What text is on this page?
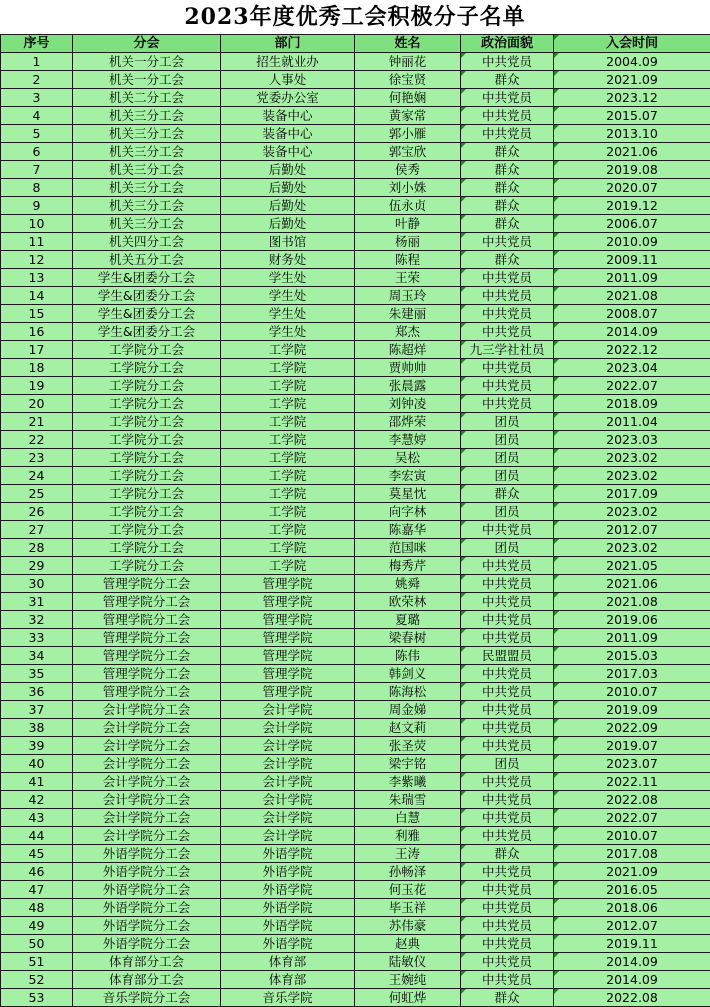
2023年度优秀工会积极分子名单
序号	分会	部门	姓名	政治面貌	入会时间
1	机关一分工会	招生就业办	钟丽花	中共党员	2004.09
2	机关一分工会	人事处	徐宝贤	群众	2021.09
3	机关二分工会	党委办公室	何艳娴	中共党员	2023.12
4	机关三分工会	装备中心	黄家常	中共党员	2015.07
5	机关三分工会	装备中心	郭小雁	中共党员	2013.10
6	机关三分工会	装备中心	郭宝欣	群众	2021.06
7	机关三分工会	后勤处	侯秀	群众	2019.08
8	机关三分工会	后勤处	刘小姝	群众	2020.07
9	机关三分工会	后勤处	伍永贞	群众	2019.12
10	机关三分工会	后勤处	叶静	群众	2006.07
11	机关四分工会	图书馆	杨丽	中共党员	2010.09
12	机关五分工会	财务处	陈程	群众	2009.11
13	学生&团委分工会	学生处	王荣	中共党员	2011.09
14	学生&团委分工会	学生处	周玉玲	中共党员	2021.08
15	学生&团委分工会	学生处	朱建丽	中共党员	2008.07
16	学生&团委分工会	学生处	郑杰	中共党员	2014.09
17	工学院分工会	工学院	陈超烊	九三学社社员	2022.12
18	工学院分工会	工学院	贾帅帅	中共党员	2023.04
19	工学院分工会	工学院	张晨露	中共党员	2022.07
20	工学院分工会	工学院	刘钟凌	中共党员	2018.09
21	工学院分工会	工学院	邵烨荣	团员	2011.04
22	工学院分工会	工学院	李慧婷	团员	2023.03
23	工学院分工会	工学院	吴松	团员	2023.02
24	工学院分工会	工学院	李宏寅	团员	2023.02
25	工学院分工会	工学院	莫星忱	群众	2017.09
26	工学院分工会	工学院	向字林	团员	2023.02
27	工学院分工会	工学院	陈嘉华	中共党员	2012.07
28	工学院分工会	工学院	范国咪	团员	2023.02
29	工学院分工会	工学院	梅秀芹	中共党员	2021.05
30	管理学院分工会	管理学院	姚舜	中共党员	2021.06
31	管理学院分工会	管理学院	欧荣林	中共党员	2021.08
32	管理学院分工会	管理学院	夏璐	中共党员	2019.06
33	管理学院分工会	管理学院	梁春树	中共党员	2011.09
34	管理学院分工会	管理学院	陈伟	民盟盟员	2015.03
35	管理学院分工会	管理学院	韩剑义	中共党员	2017.03
36	管理学院分工会	管理学院	陈海松	中共党员	2010.07
37	会计学院分工会	会计学院	周金娣	中共党员	2019.09
38	会计学院分工会	会计学院	赵文莉	中共党员	2022.09
39	会计学院分工会	会计学院	张圣荧	中共党员	2019.07
40	会计学院分工会	会计学院	梁宇铭	团员	2023.07
41	会计学院分工会	会计学院	李紫曦	中共党员	2022.11
42	会计学院分工会	会计学院	朱瑞雪	中共党员	2022.08
43	会计学院分工会	会计学院	白慧	中共党员	2022.07
44	会计学院分工会	会计学院	利雅	中共党员	2010.07
45	外语学院分工会	外语学院	王涛	群众	2017.08
46	外语学院分工会	外语学院	孙畅泽	中共党员	2021.09
47	外语学院分工会	外语学院	何玉花	中共党员	2016.05
48	外语学院分工会	外语学院	毕玉祥	中共党员	2018.06
49	外语学院分工会	外语学院	苏伟豪	中共党员	2012.07
50	外语学院分工会	外语学院	赵典	中共党员	2019.11
51	体育部分工会	体育部	陆敏仪	中共党员	2014.09
52	体育部分工会	体育部	王婉纯	中共党员	2014.09
53	音乐学院分工会	音乐学院	何虹烨	群众	2022.08
